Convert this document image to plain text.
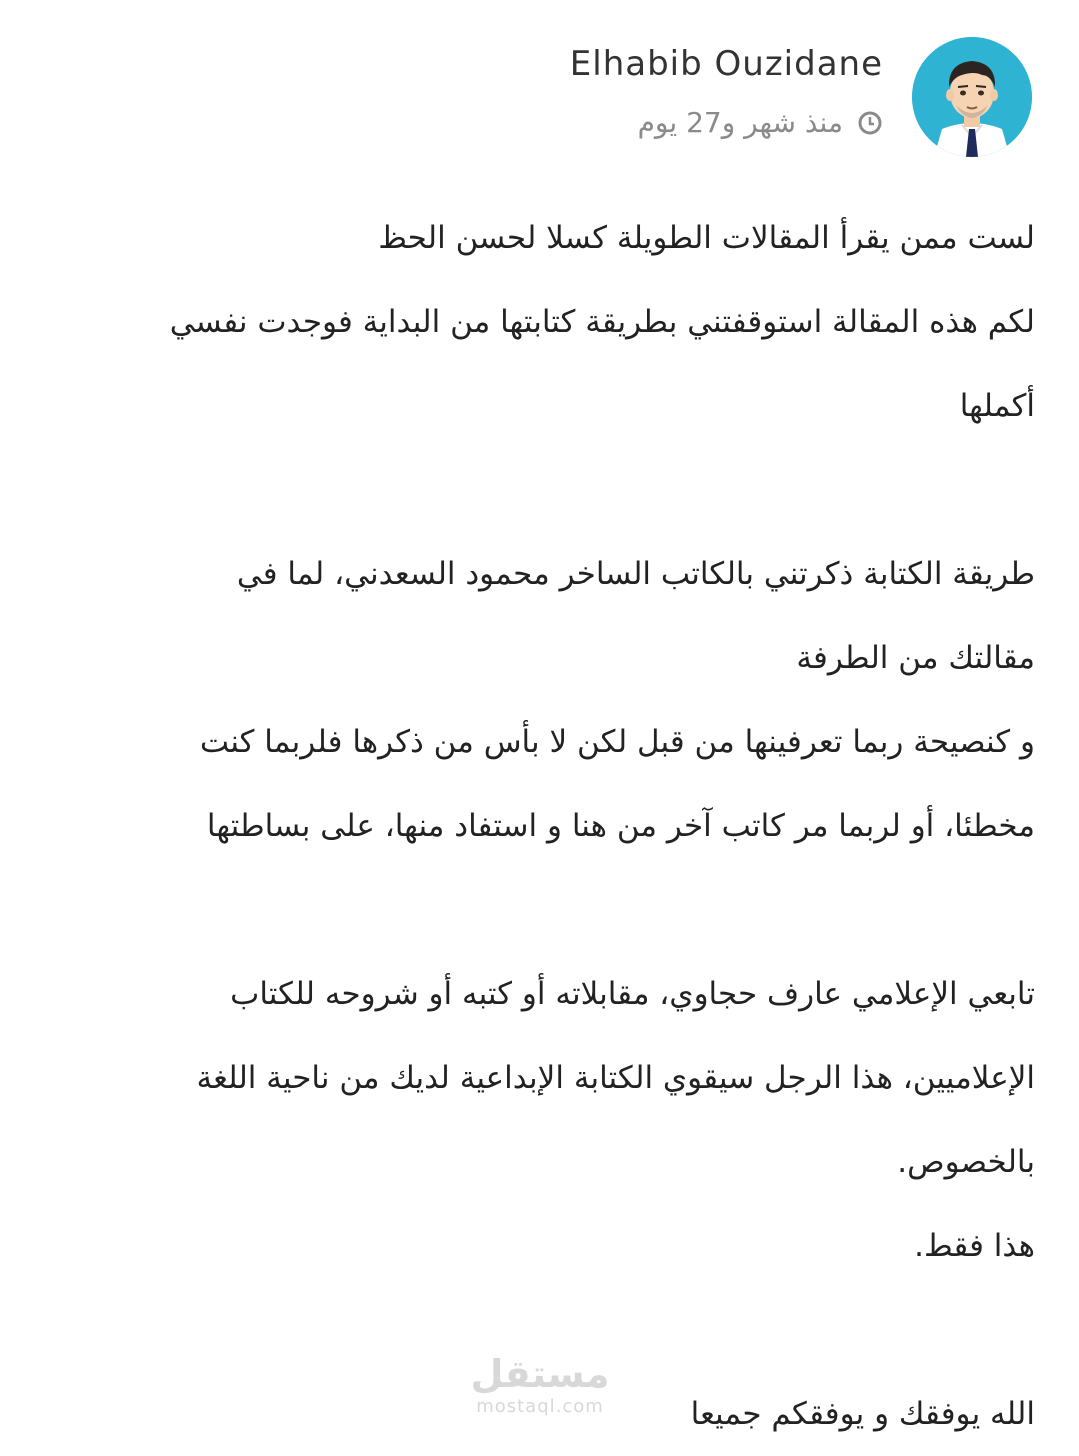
Elhabib Ouzidane
منذ شهر و27 يوم

لست ممن يقرأ المقالات الطويلة كسلا لحسن الحظ

لكم هذه المقالة استوقفتني بطريقة كتابتها من البداية فوجدت نفسي

أكملها

طريقة الكتابة ذكرتني بالكاتب الساخر محمود السعدني، لما في

مقالتك من الطرفة

و كنصيحة ربما تعرفينها من قبل لكن لا بأس من ذكرها فلربما كنت

مخطئا، أو لربما مر كاتب آخر من هنا و استفاد منها، على بساطتها

تابعي الإعلامي عارف حجاوي، مقابلاته أو كتبه أو شروحه للكتاب

الإعلاميين، هذا الرجل سيقوي الكتابة الإبداعية لديك من ناحية اللغة

بالخصوص.

هذا فقط.

الله يوفقك و يوفقكم جميعا

مستقل
mostaql.com
